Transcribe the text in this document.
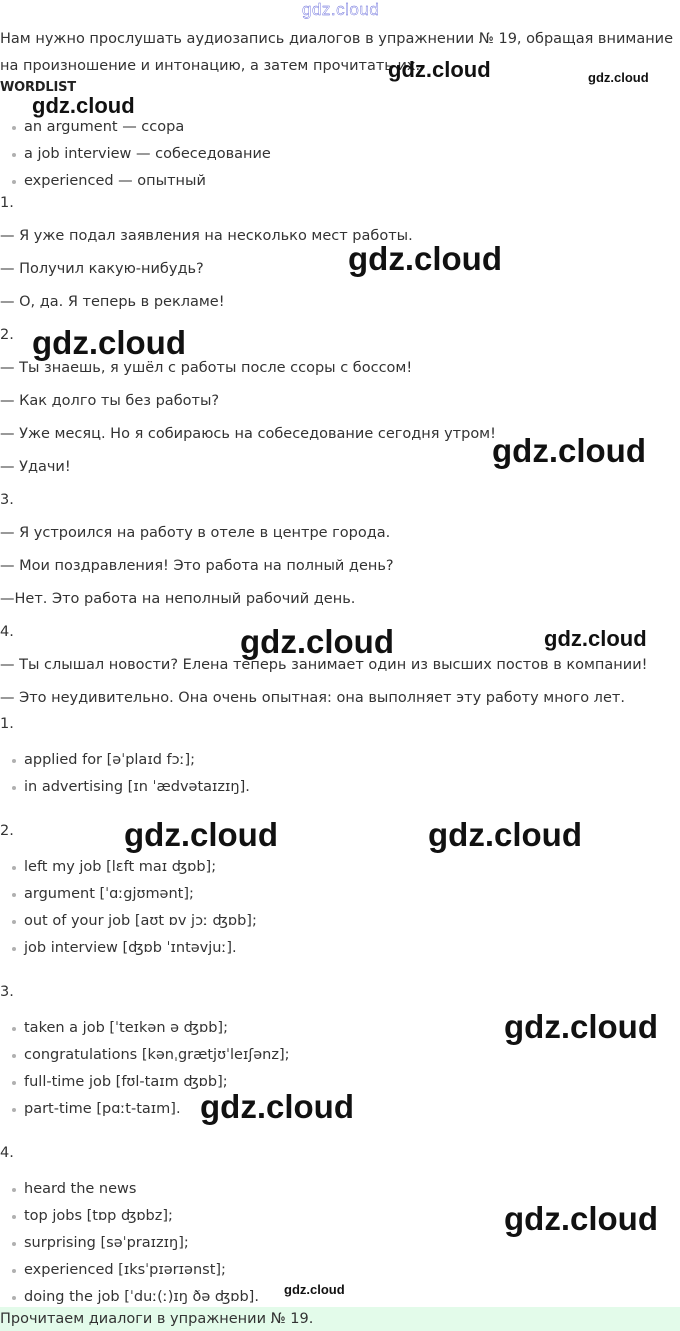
gdz.cloud
Нам нужно прослушать аудиозапись диалогов в упражнении № 19, обращая внимание на произношение и интонацию, а затем прочитать их.
WORDLIST
an argument — ссора
a job interview — собеседование
experienced — опытный
1.
— Я уже подал заявления на несколько мест работы.
— Получил какую-нибудь?
— О, да. Я теперь в рекламе!
2.
— Ты знаешь, я ушёл с работы после ссоры с боссом!
— Как долго ты без работы?
— Уже месяц. Но я собираюсь на собеседование сегодня утром!
— Удачи!
3.
— Я устроился на работу в отеле в центре города.
— Мои поздравления! Это работа на полный день?
—Нет. Это работа на неполный рабочий день.
4.
— Ты слышал новости? Елена теперь занимает один из высших постов в компании!
— Это неудивительно. Она очень опытная: она выполняет эту работу много лет.
1.
applied for [əˈplaɪd fɔː];
in advertising [ɪn ˈædvətaɪzɪŋ].
2.
left my job [lɛft maɪ ʤɒb];
argument [ˈɑːgjʊmənt];
out of your job [aʊt ɒv jɔː ʤɒb];
job interview [ʤɒb ˈɪntəvjuː].
3.
taken a job [ˈteɪkən ə ʤɒb];
congratulations [kənˌgrætjʊˈleɪʃənz];
full-time job [fʊl-taɪm ʤɒb];
part-time [pɑːt-taɪm].
4.
heard the news
top jobs [tɒp ʤɒbz];
surprising [səˈpraɪzɪŋ];
experienced [ɪksˈpɪərɪənst];
doing the job [ˈduː(ː)ɪŋ ðə ʤɒb].
Прочитаем диалоги в упражнении № 19.
gdz.cloud	gdz.cloud
gdz.cloud
gdz.cloud
gdz.cloud
gdz.cloud
gdz.cloud	gdz.cloud
gdz.cloud	gdz.cloud
gdz.cloud
gdz.cloud
gdz.cloud
gdz.cloud
